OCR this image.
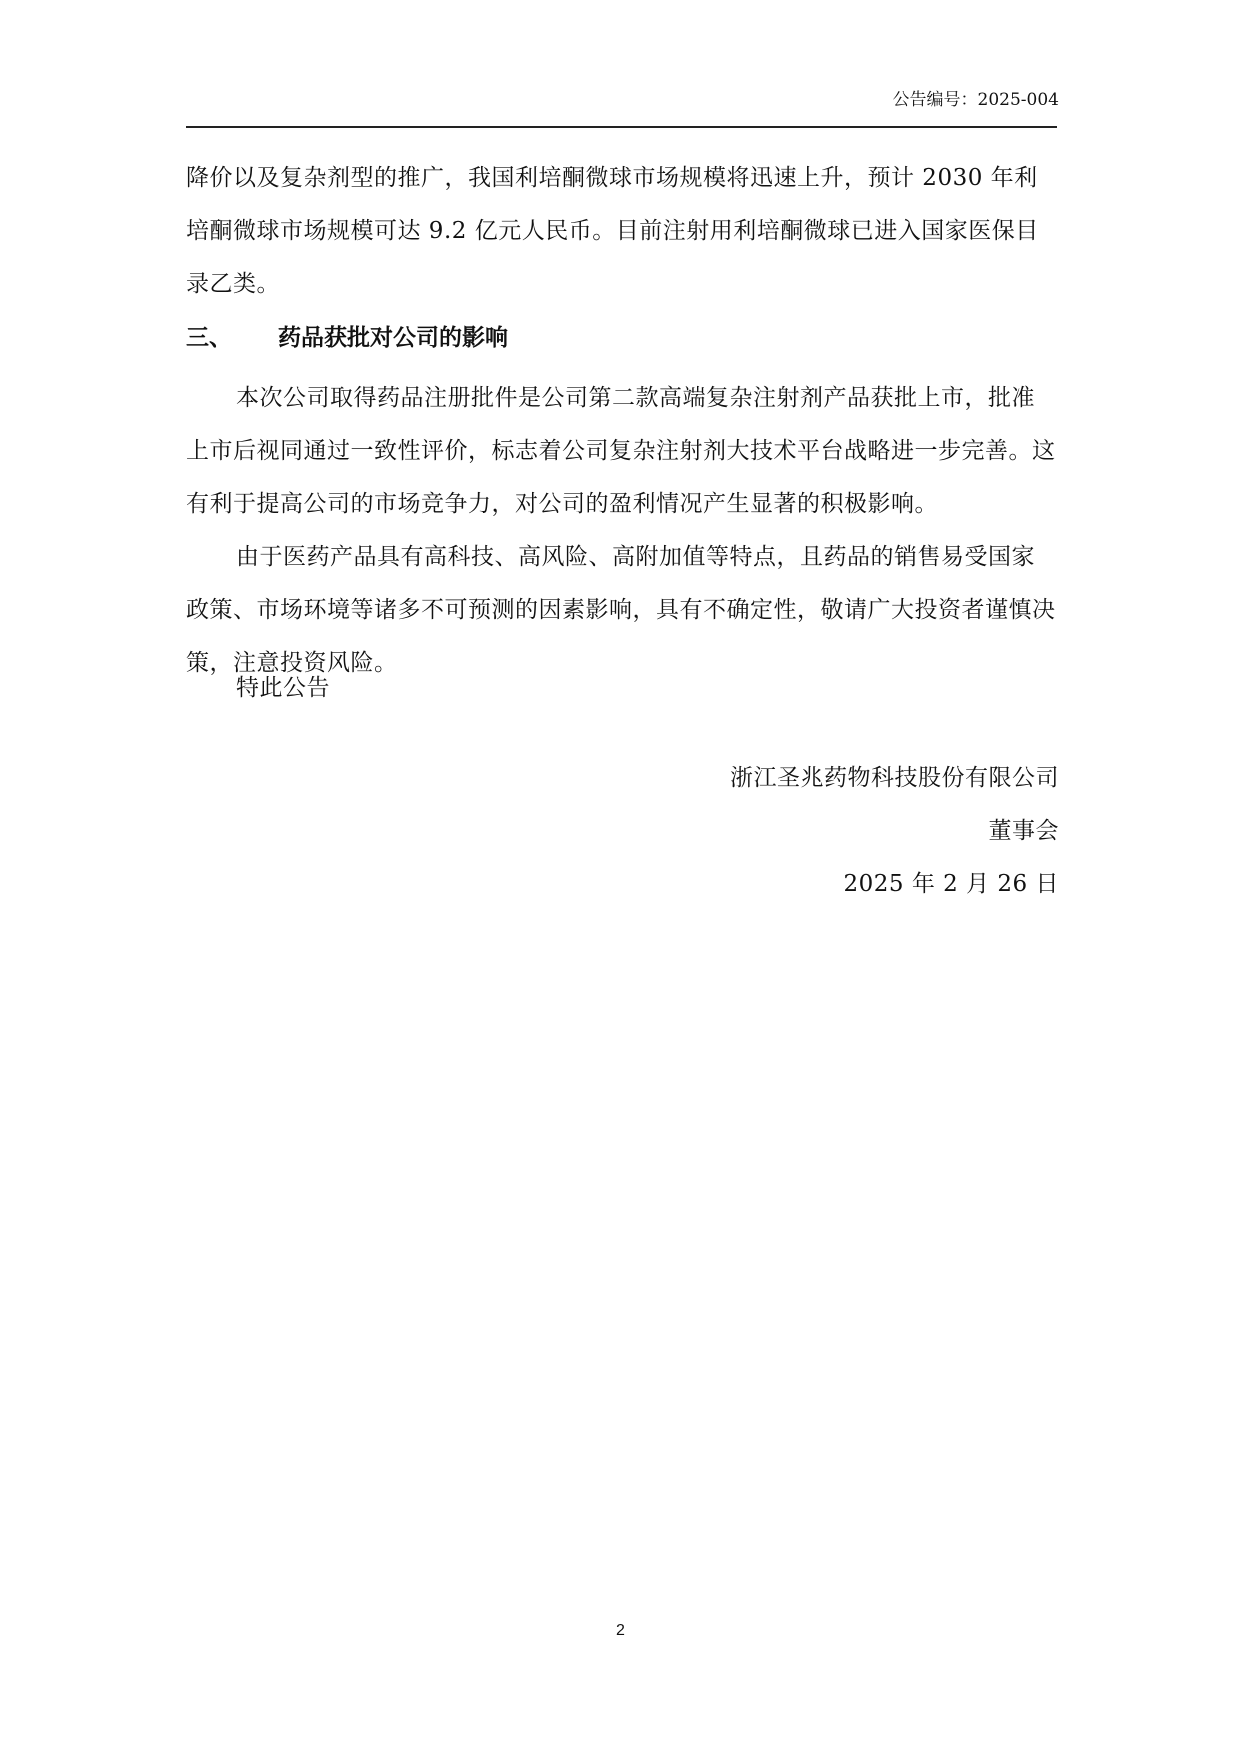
公告编号：2025-004

降价以及复杂剂型的推广，我国利培酮微球市场规模将迅速上升，预计 2030 年利培酮微球市场规模可达 9.2 亿元人民币。目前注射用利培酮微球已进入国家医保目录乙类。

三、 药品获批对公司的影响

本次公司取得药品注册批件是公司第二款高端复杂注射剂产品获批上市，批准上市后视同通过一致性评价，标志着公司复杂注射剂大技术平台战略进一步完善。这有利于提高公司的市场竞争力，对公司的盈利情况产生显著的积极影响。

由于医药产品具有高科技、高风险、高附加值等特点，且药品的销售易受国家政策、市场环境等诸多不可预测的因素影响，具有不确定性，敬请广大投资者谨慎决策，注意投资风险。

特此公告

浙江圣兆药物科技股份有限公司
董事会
2025 年 2 月 26 日
2
